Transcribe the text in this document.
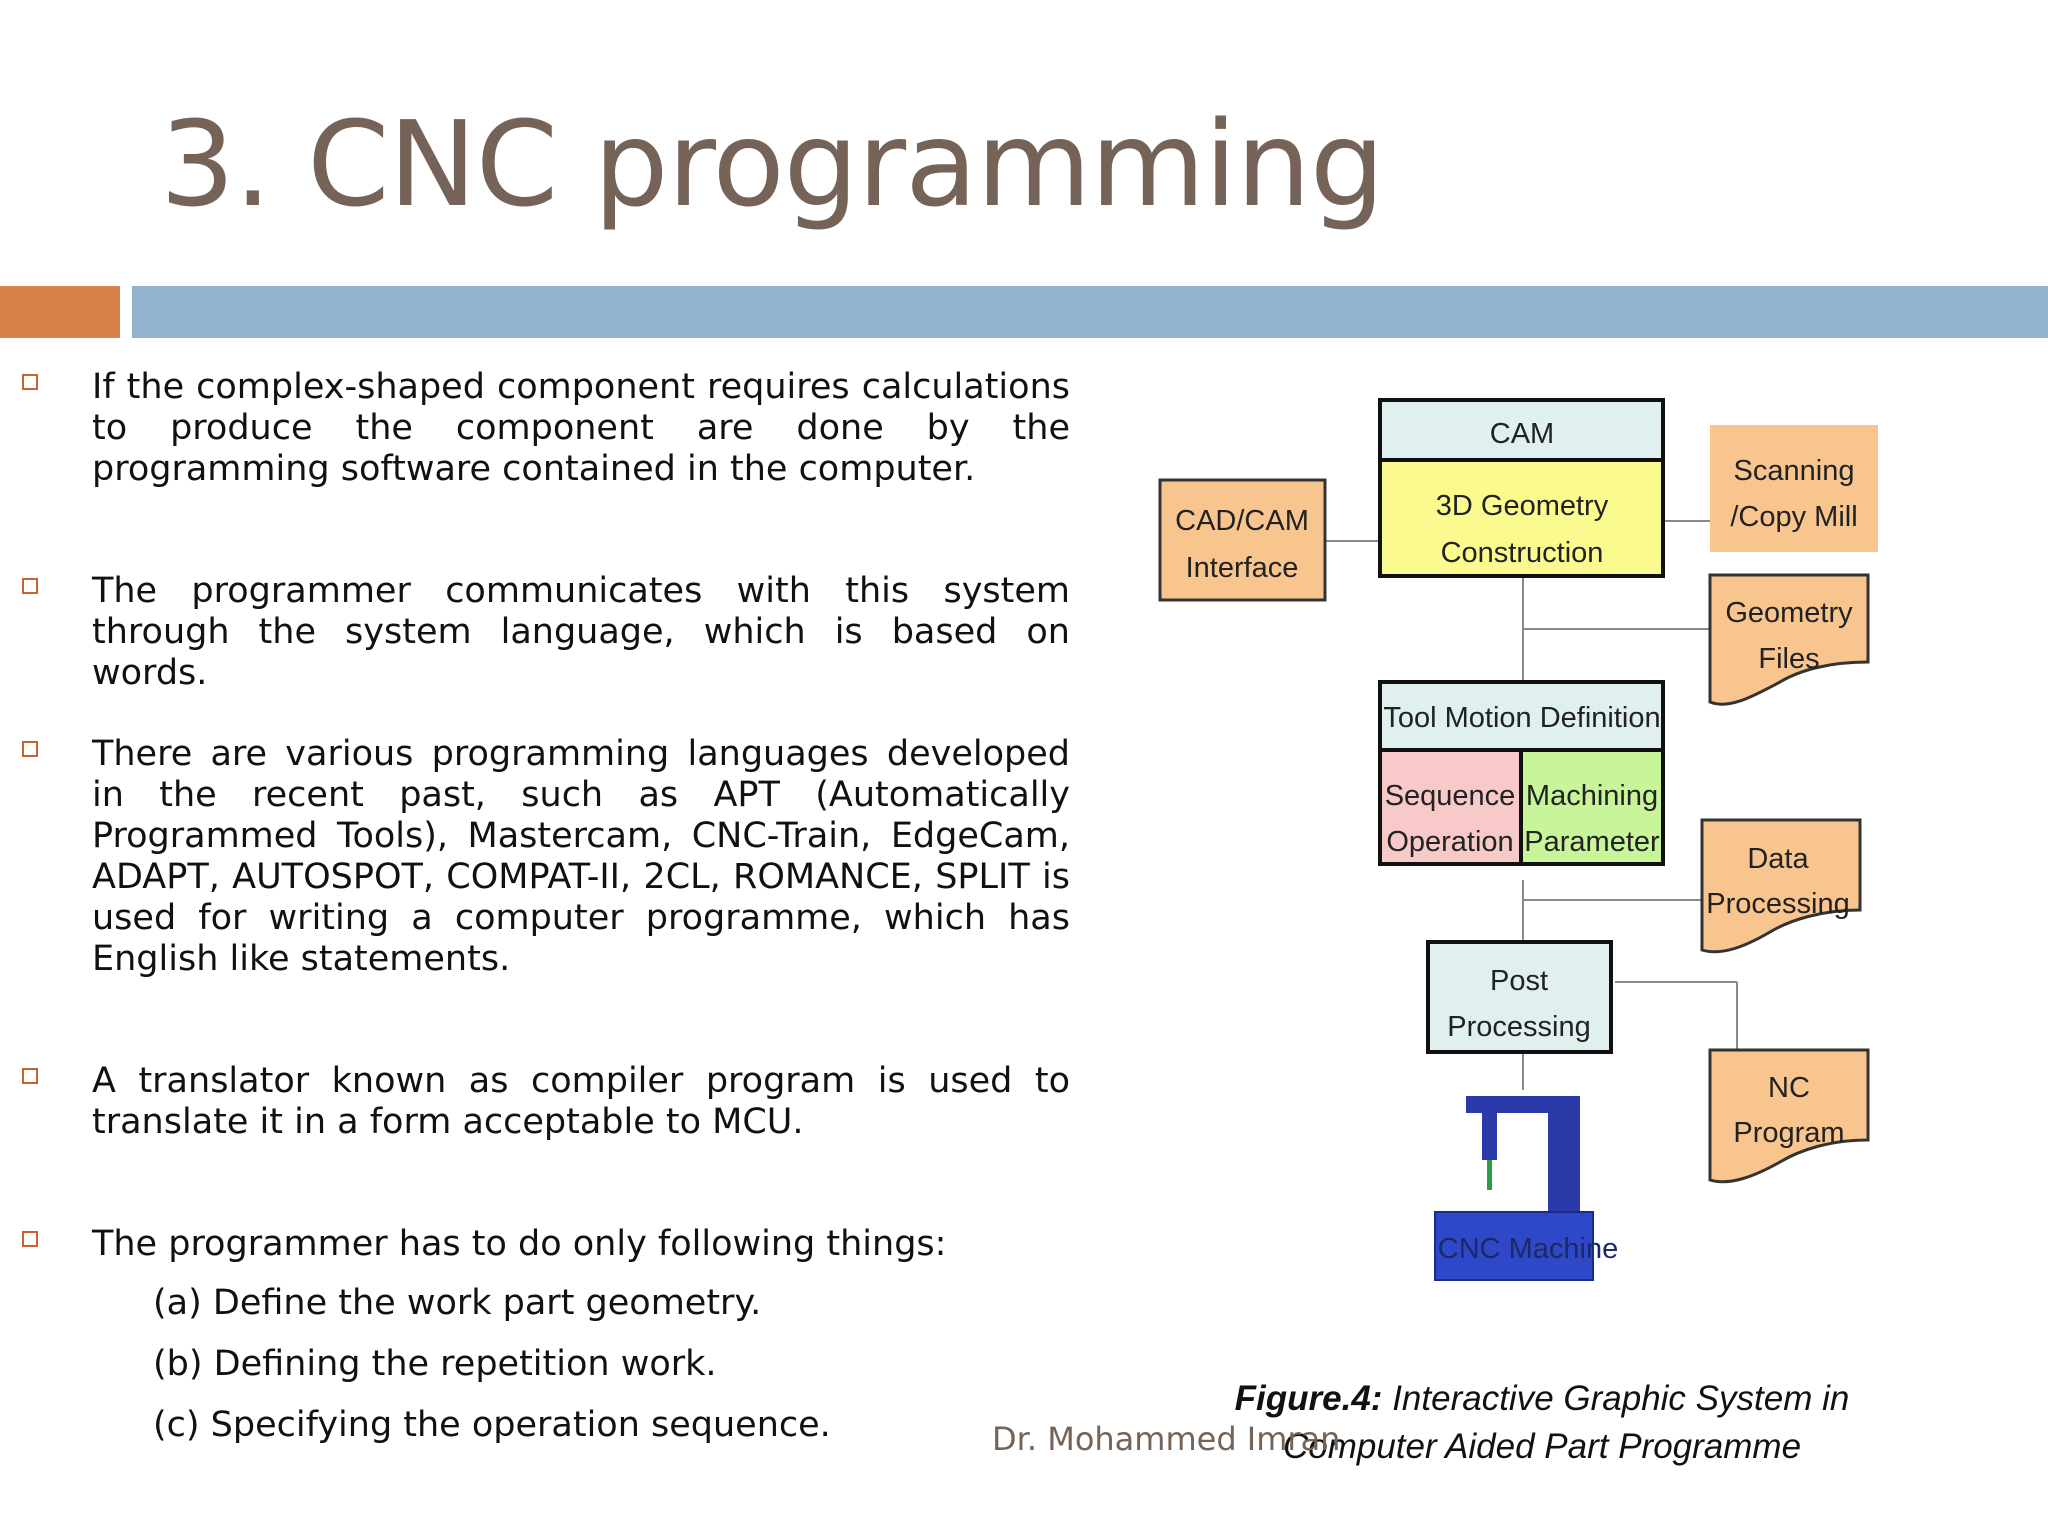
3. CNC programming
If the complex-shaped component requires calculations to produce the component are done by the programming software contained in the computer.
The programmer communicates with this system through the system language, which is based on words.
There are various programming languages developed in the recent past, such as APT (Automatically Programmed Tools), Mastercam, CNC-Train, EdgeCam, ADAPT, AUTOSPOT, COMPAT-II, 2CL, ROMANCE, SPLIT is used for writing a computer programme, which has English like statements.
A translator known as compiler program is used to translate it in a form acceptable to MCU.
The programmer has to do only following things:
(a) Define the work part geometry.
(b) Defining the repetition work.
(c) Specifying the operation sequence.
CAD/CAM
Interface
CAM
3D Geometry
Construction
Scanning
/Copy Mill
Geometry
Files
Tool Motion Definition
Sequence
Operation
Machining
Parameter
Data
Processing
Post
Processing
NC
Program
CNC Machine
Figure.4: Interactive Graphic System in
Computer Aided Part Programme
Dr. Mohammed Imran
